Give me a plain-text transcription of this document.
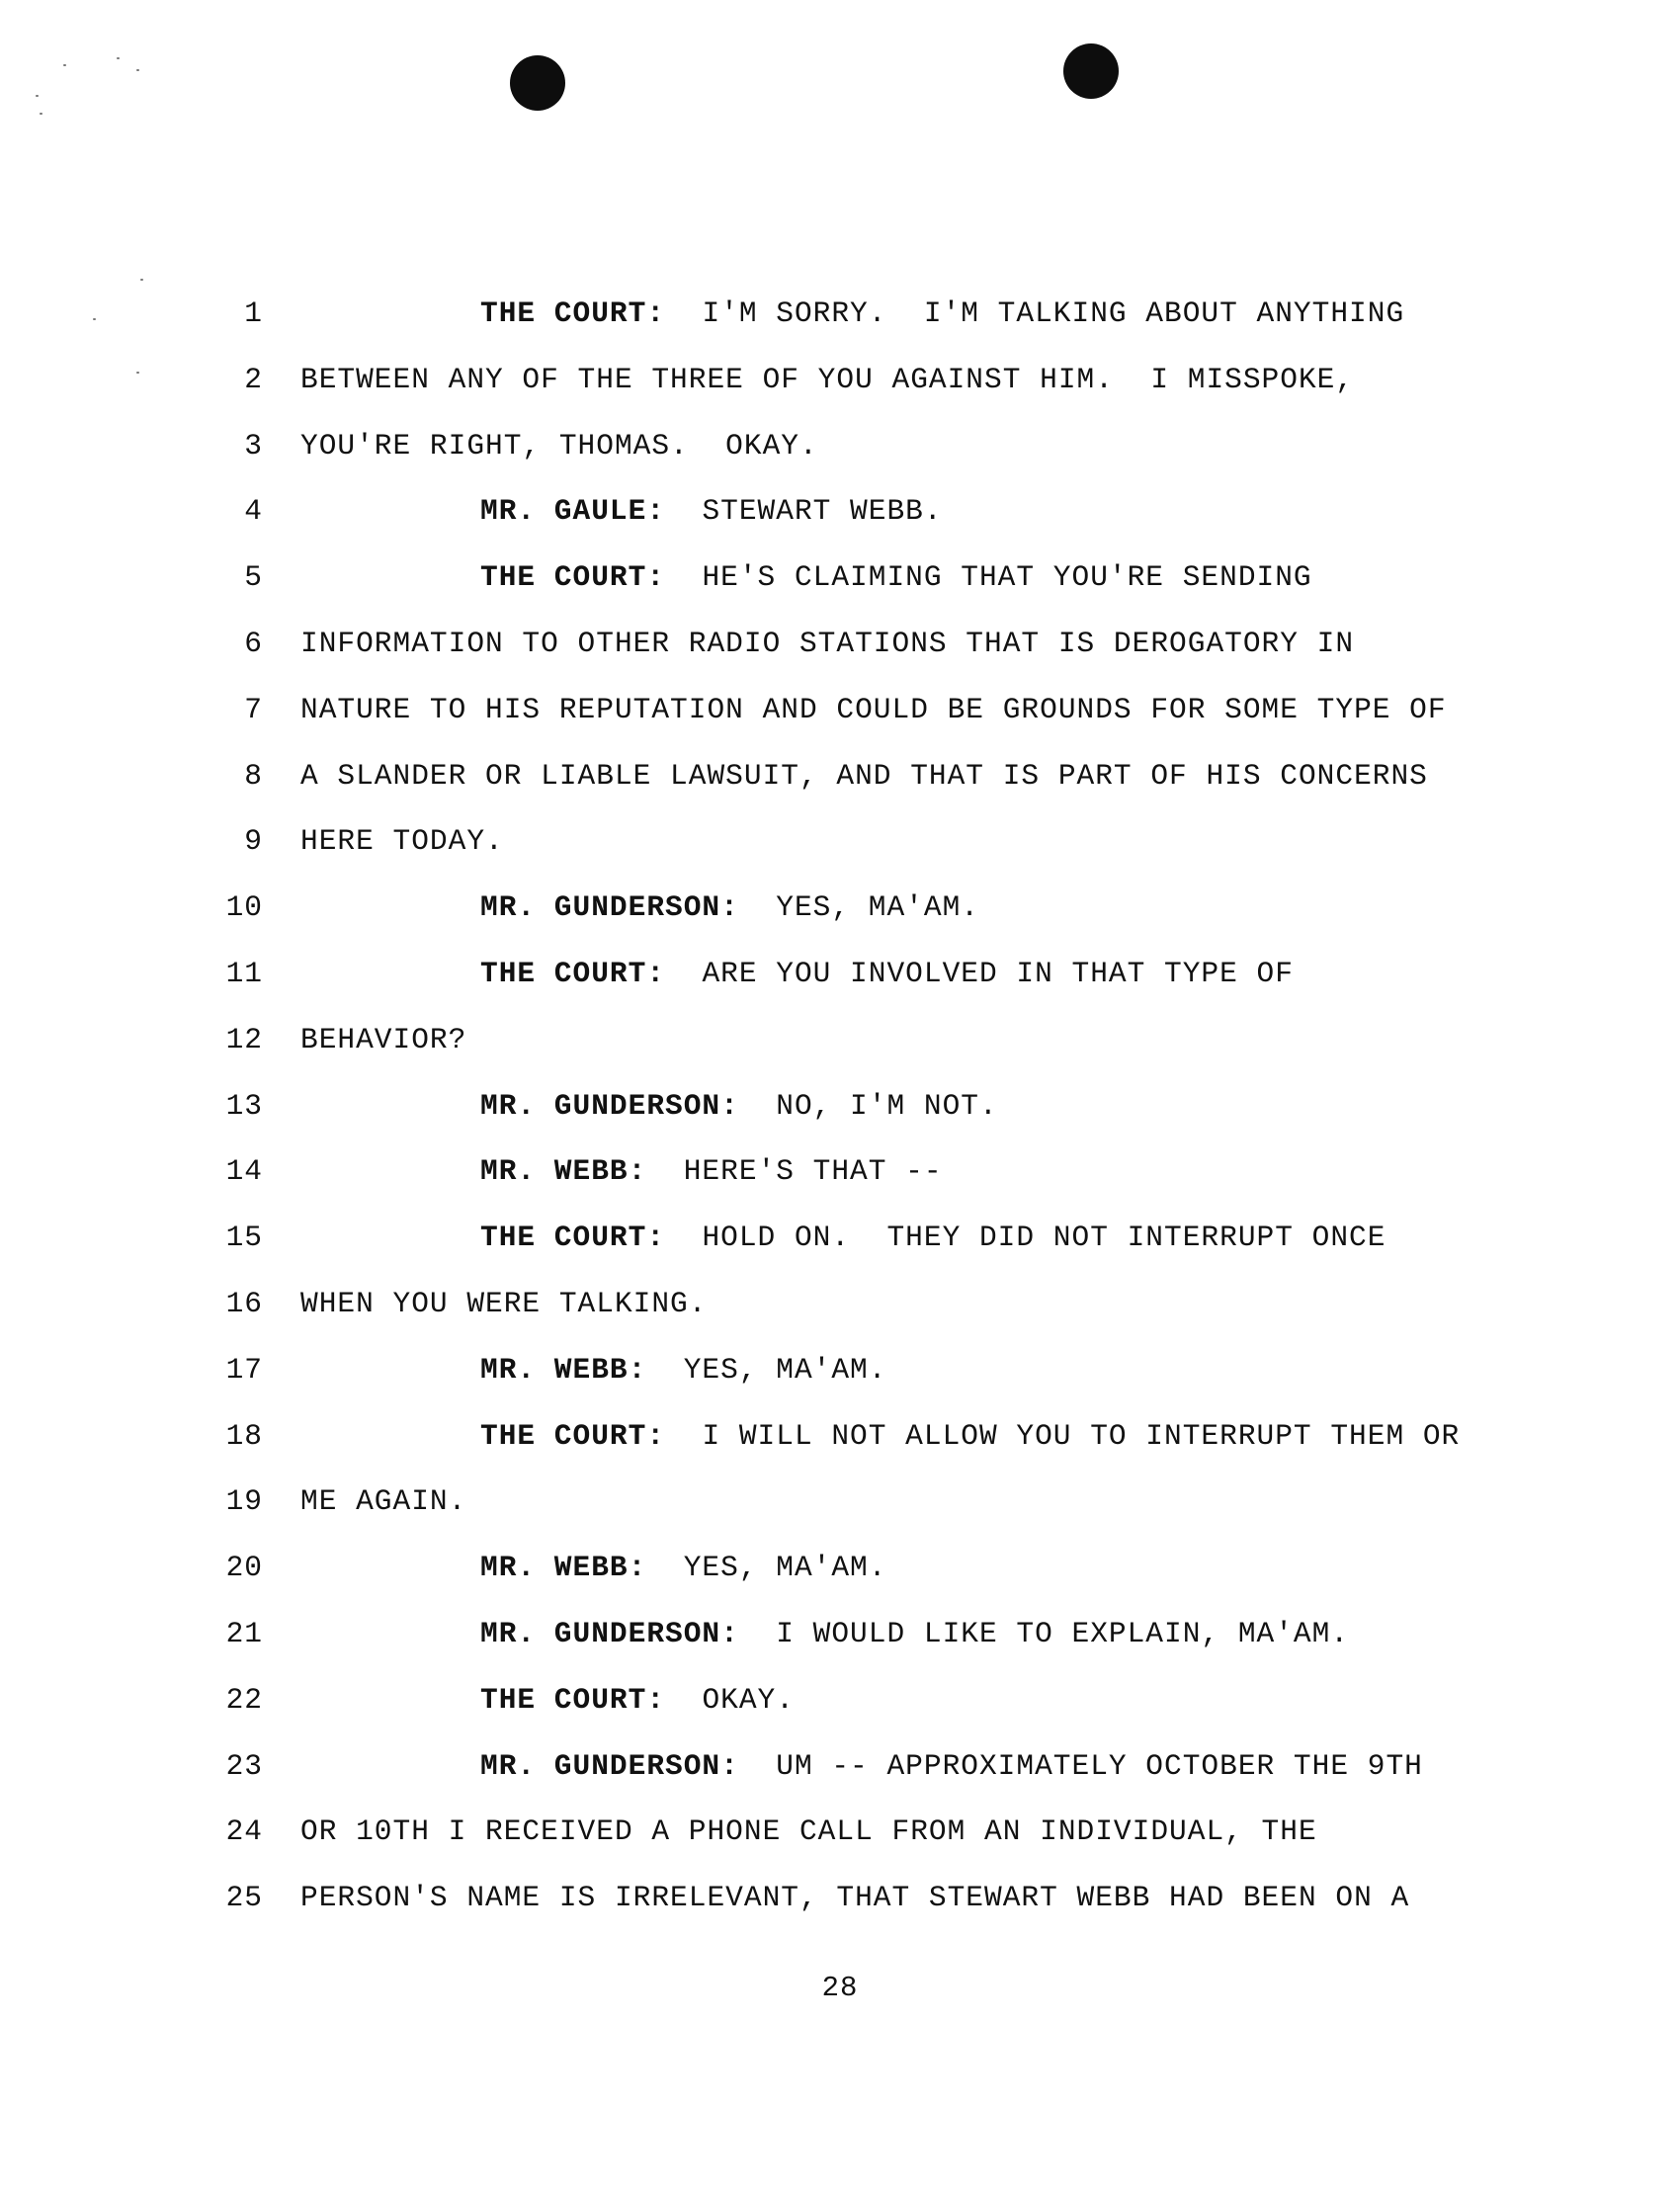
1	THE COURT: I'M SORRY.  I'M TALKING ABOUT ANYTHING
2 BETWEEN ANY OF THE THREE OF YOU AGAINST HIM.  I MISSPOKE,
3 YOU'RE RIGHT, THOMAS.  OKAY.
4	MR. GAULE: STEWART WEBB.
5	THE COURT: HE'S CLAIMING THAT YOU'RE SENDING
6 INFORMATION TO OTHER RADIO STATIONS THAT IS DEROGATORY IN
7 NATURE TO HIS REPUTATION AND COULD BE GROUNDS FOR SOME TYPE OF
8 A SLANDER OR LIABLE LAWSUIT, AND THAT IS PART OF HIS CONCERNS
9 HERE TODAY.
10	MR. GUNDERSON: YES, MA'AM.
11	THE COURT: ARE YOU INVOLVED IN THAT TYPE OF
12 BEHAVIOR?
13	MR. GUNDERSON: NO, I'M NOT.
14	MR. WEBB: HERE'S THAT --
15	THE COURT: HOLD ON.  THEY DID NOT INTERRUPT ONCE
16 WHEN YOU WERE TALKING.
17	MR. WEBB: YES, MA'AM.
18	THE COURT: I WILL NOT ALLOW YOU TO INTERRUPT THEM OR
19 ME AGAIN.
20	MR. WEBB: YES, MA'AM.
21	MR. GUNDERSON: I WOULD LIKE TO EXPLAIN, MA'AM.
22	THE COURT: OKAY.
23	MR. GUNDERSON: UM -- APPROXIMATELY OCTOBER THE 9TH
24 OR 10TH I RECEIVED A PHONE CALL FROM AN INDIVIDUAL, THE
25 PERSON'S NAME IS IRRELEVANT, THAT STEWART WEBB HAD BEEN ON A
28
